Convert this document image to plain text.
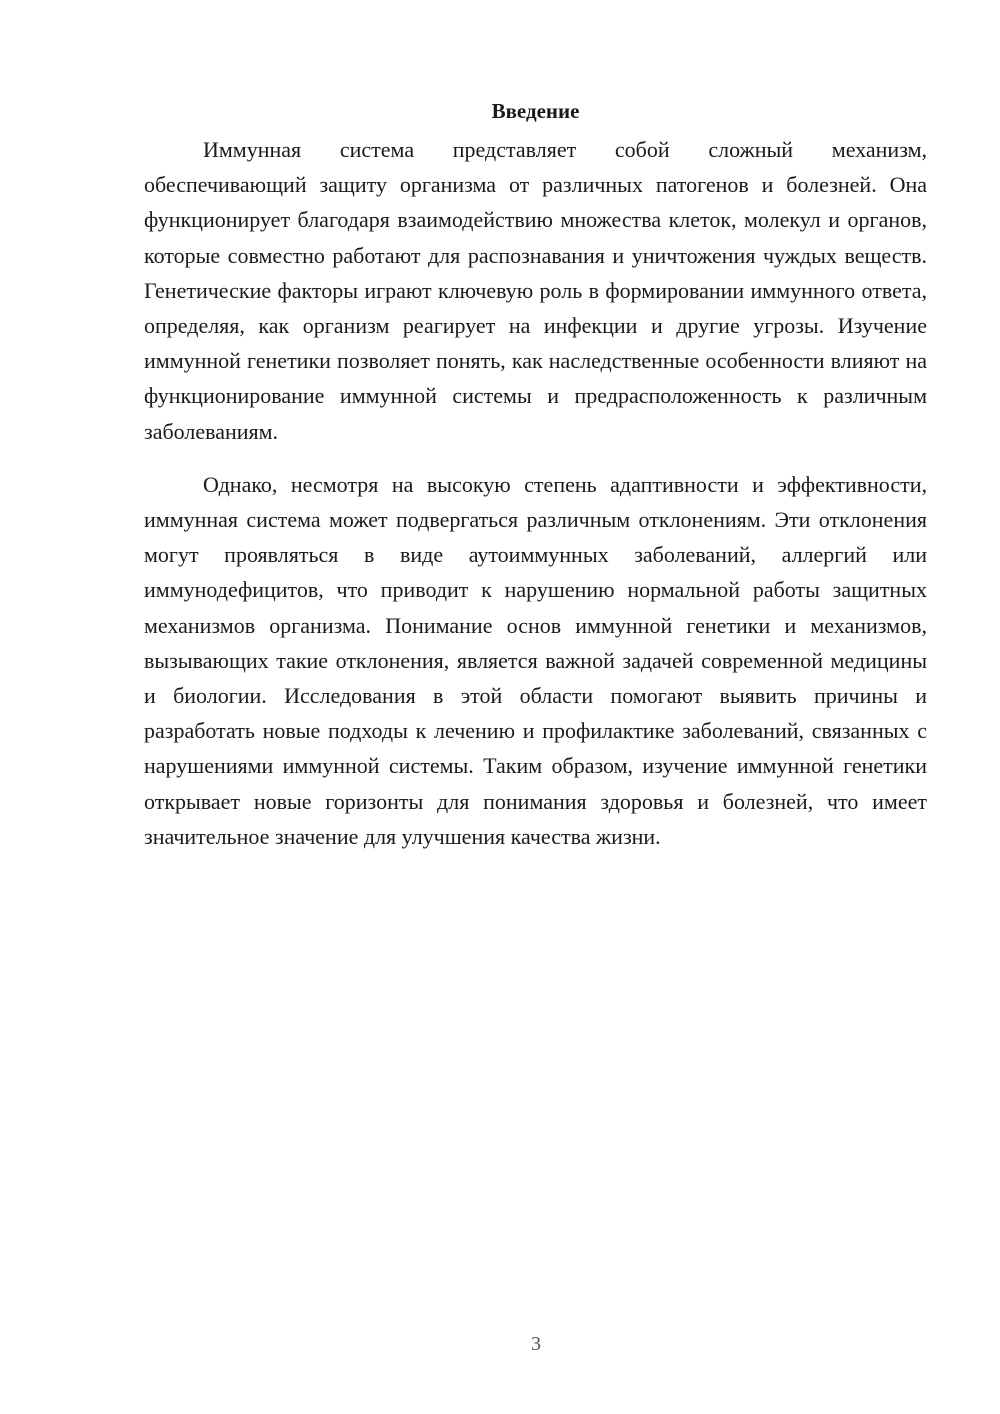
Введение

Иммунная система представляет собой сложный механизм, обеспечивающий защиту организма от различных патогенов и болезней. Она функционирует благодаря взаимодействию множества клеток, молекул и органов, которые совместно работают для распознавания и уничтожения чуждых веществ. Генетические факторы играют ключевую роль в формировании иммунного ответа, определяя, как организм реагирует на инфекции и другие угрозы. Изучение иммунной генетики позволяет понять, как наследственные особенности влияют на функционирование иммунной системы и предрасположенность к различным заболеваниям.

Однако, несмотря на высокую степень адаптивности и эффективности, иммунная система может подвергаться различным отклонениям. Эти отклонения могут проявляться в виде аутоиммунных заболеваний, аллергий или иммунодефицитов, что приводит к нарушению нормальной работы защитных механизмов организма. Понимание основ иммунной генетики и механизмов, вызывающих такие отклонения, является важной задачей современной медицины и биологии. Исследования в этой области помогают выявить причины и разработать новые подходы к лечению и профилактике заболеваний, связанных с нарушениями иммунной системы. Таким образом, изучение иммунной генетики открывает новые горизонты для понимания здоровья и болезней, что имеет значительное значение для улучшения качества жизни.

3
